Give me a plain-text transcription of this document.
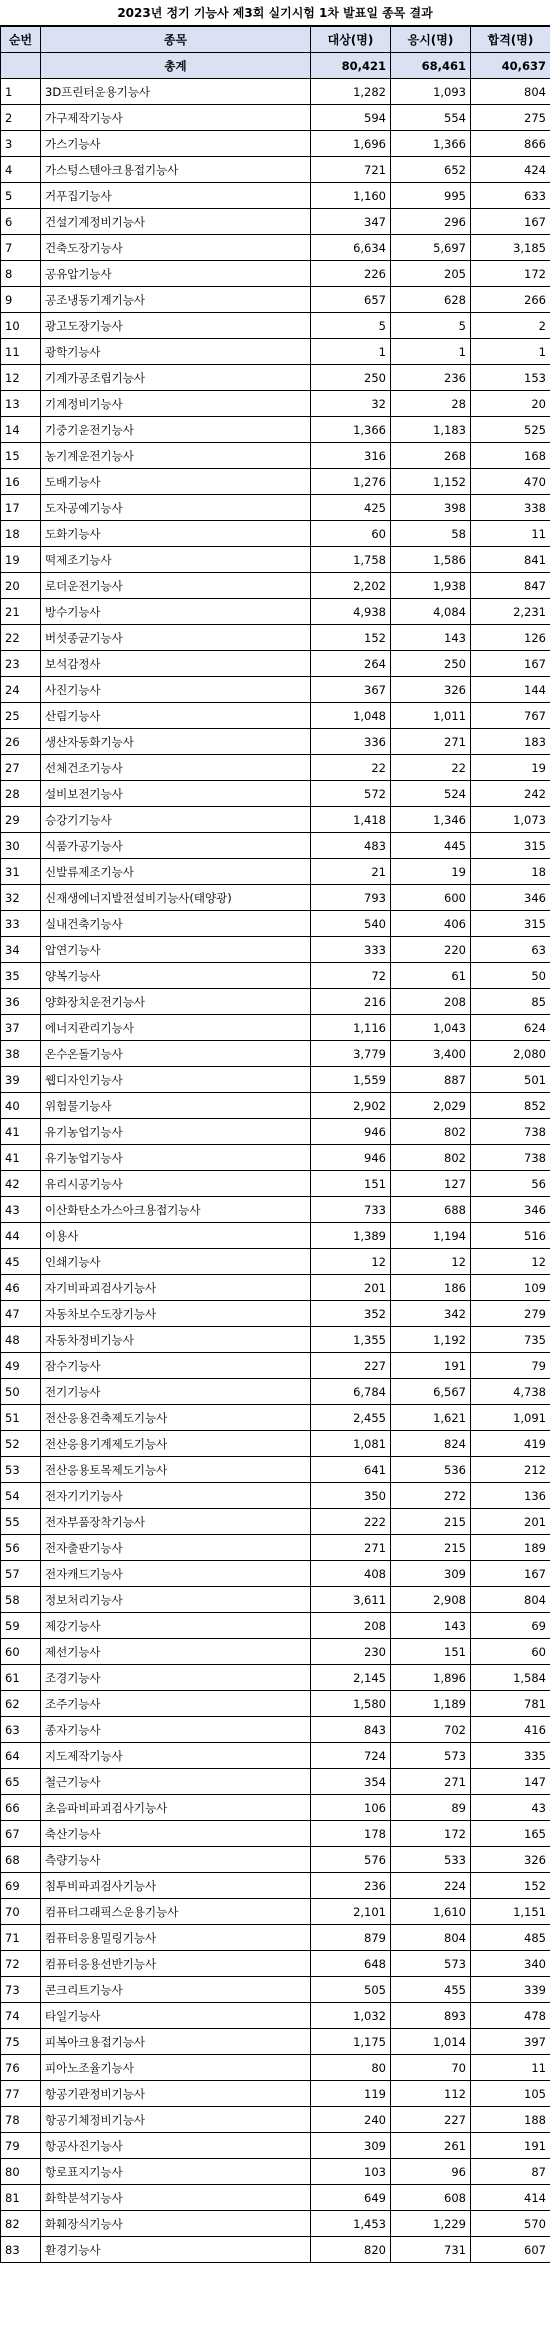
2023년 정기 기능사 제3회 실기시험 1차 발표일 종목 결과
순번	종목	대상(명)	응시(명)	합격(명)
	총계	80,421	68,461	40,637
1	3D프린터운용기능사	1,282	1,093	804
2	가구제작기능사	594	554	275
3	가스기능사	1,696	1,366	866
4	가스텅스텐아크용접기능사	721	652	424
5	거푸집기능사	1,160	995	633
6	건설기계정비기능사	347	296	167
7	건축도장기능사	6,634	5,697	3,185
8	공유압기능사	226	205	172
9	공조냉동기계기능사	657	628	266
10	광고도장기능사	5	5	2
11	광학기능사	1	1	1
12	기계가공조립기능사	250	236	153
13	기계정비기능사	32	28	20
14	기중기운전기능사	1,366	1,183	525
15	농기계운전기능사	316	268	168
16	도배기능사	1,276	1,152	470
17	도자공예기능사	425	398	338
18	도화기능사	60	58	11
19	떡제조기능사	1,758	1,586	841
20	로더운전기능사	2,202	1,938	847
21	방수기능사	4,938	4,084	2,231
22	버섯종균기능사	152	143	126
23	보석감정사	264	250	167
24	사진기능사	367	326	144
25	산림기능사	1,048	1,011	767
26	생산자동화기능사	336	271	183
27	선체건조기능사	22	22	19
28	설비보전기능사	572	524	242
29	승강기기능사	1,418	1,346	1,073
30	식품가공기능사	483	445	315
31	신발류제조기능사	21	19	18
32	신재생에너지발전설비기능사(태양광)	793	600	346
33	실내건축기능사	540	406	315
34	압연기능사	333	220	63
35	양복기능사	72	61	50
36	양화장치운전기능사	216	208	85
37	에너지관리기능사	1,116	1,043	624
38	온수온돌기능사	3,779	3,400	2,080
39	웹디자인기능사	1,559	887	501
40	위험물기능사	2,902	2,029	852
41	유기농업기능사	946	802	738
41	유기농업기능사	946	802	738
42	유리시공기능사	151	127	56
43	이산화탄소가스아크용접기능사	733	688	346
44	이용사	1,389	1,194	516
45	인쇄기능사	12	12	12
46	자기비파괴검사기능사	201	186	109
47	자동차보수도장기능사	352	342	279
48	자동차정비기능사	1,355	1,192	735
49	잠수기능사	227	191	79
50	전기기능사	6,784	6,567	4,738
51	전산응용건축제도기능사	2,455	1,621	1,091
52	전산응용기계제도기능사	1,081	824	419
53	전산응용토목제도기능사	641	536	212
54	전자기기기능사	350	272	136
55	전자부품장착기능사	222	215	201
56	전자출판기능사	271	215	189
57	전자캐드기능사	408	309	167
58	정보처리기능사	3,611	2,908	804
59	제강기능사	208	143	69
60	제선기능사	230	151	60
61	조경기능사	2,145	1,896	1,584
62	조주기능사	1,580	1,189	781
63	종자기능사	843	702	416
64	지도제작기능사	724	573	335
65	철근기능사	354	271	147
66	초음파비파괴검사기능사	106	89	43
67	축산기능사	178	172	165
68	측량기능사	576	533	326
69	침투비파괴검사기능사	236	224	152
70	컴퓨터그래픽스운용기능사	2,101	1,610	1,151
71	컴퓨터응용밀링기능사	879	804	485
72	컴퓨터응용선반기능사	648	573	340
73	콘크리트기능사	505	455	339
74	타일기능사	1,032	893	478
75	피복아크용접기능사	1,175	1,014	397
76	피아노조율기능사	80	70	11
77	항공기관정비기능사	119	112	105
78	항공기체정비기능사	240	227	188
79	항공사진기능사	309	261	191
80	항로표지기능사	103	96	87
81	화학분석기능사	649	608	414
82	화훼장식기능사	1,453	1,229	570
83	환경기능사	820	731	607
